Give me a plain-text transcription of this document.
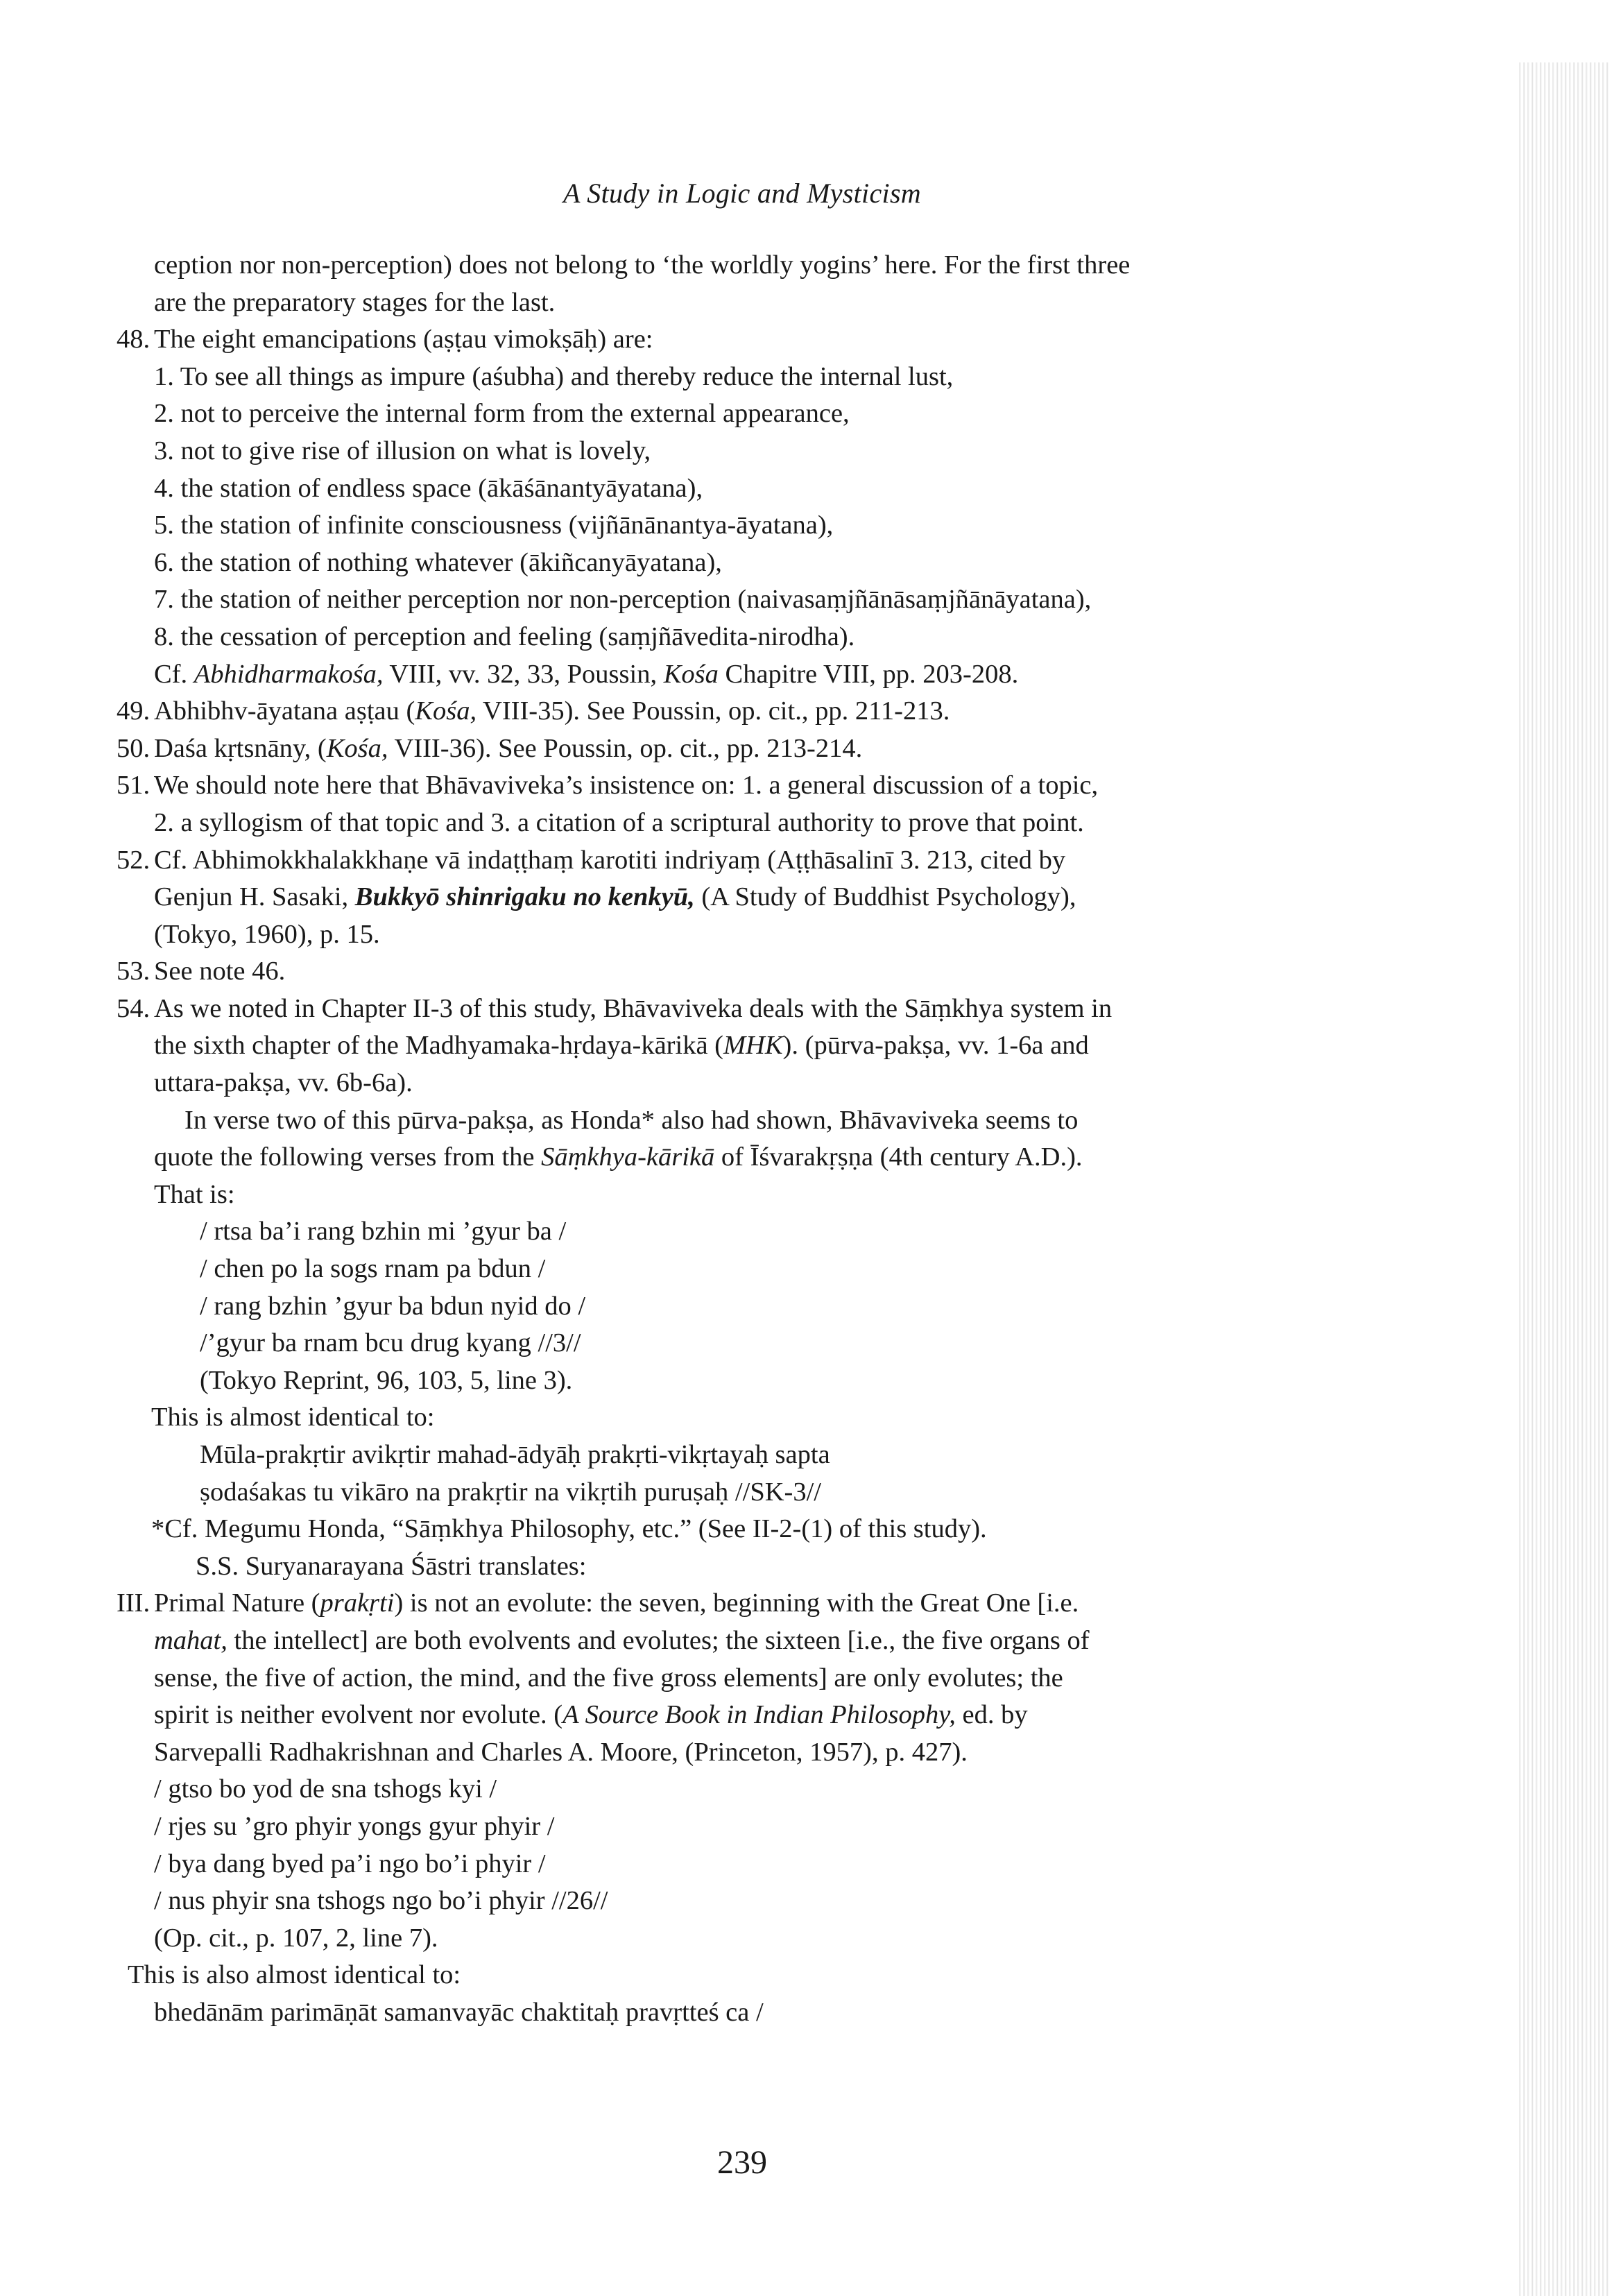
A Study in Logic and Mysticism
ception nor non-perception) does not belong to ‘the worldly yogins’ here. For the first three
are the preparatory stages for the last.
48. The eight emancipations (aṣṭau vimokṣāḥ) are:
1. To see all things as impure (aśubha) and thereby reduce the internal lust,
2. not to perceive the internal form from the external appearance,
3. not to give rise of illusion on what is lovely,
4. the station of endless space (ākāśānantyāyatana),
5. the station of infinite consciousness (vijñānānantya-āyatana),
6. the station of nothing whatever (ākiñcanyāyatana),
7. the station of neither perception nor non-perception (naivasaṃjñānāsaṃjñānāyatana),
8. the cessation of perception and feeling (saṃjñāvedita-nirodha).
Cf. Abhidharmakośa, VIII, vv. 32, 33, Poussin, Kośa Chapitre VIII, pp. 203-208.
49. Abhibhv-āyatana aṣṭau (Kośa, VIII-35). See Poussin, op. cit., pp. 211-213.
50. Daśa kṛtsnāny, (Kośa, VIII-36). See Poussin, op. cit., pp. 213-214.
51. We should note here that Bhāvaviveka’s insistence on: 1. a general discussion of a topic,
2. a syllogism of that topic and 3. a citation of a scriptural authority to prove that point.
52. Cf. Abhimokkhalakkhaṇe vā indaṭṭhaṃ karotiti indriyaṃ (Aṭṭhāsalinī 3. 213, cited by
Genjun H. Sasaki, Bukkyō shinrigaku no kenkyū, (A Study of Buddhist Psychology),
(Tokyo, 1960), p. 15.
53. See note 46.
54. As we noted in Chapter II-3 of this study, Bhāvaviveka deals with the Sāṃkhya system in
the sixth chapter of the Madhyamaka-hṛdaya-kārikā (MHK). (pūrva-pakṣa, vv. 1-6a and
uttara-pakṣa, vv. 6b-6a).
In verse two of this pūrva-pakṣa, as Honda* also had shown, Bhāvaviveka seems to
quote the following verses from the Sāṃkhya-kārikā of Īśvarakṛṣṇa (4th century A.D.).
That is:
/ rtsa ba’i rang bzhin mi ’gyur ba /
/ chen po la sogs rnam pa bdun /
/ rang bzhin ’gyur ba bdun nyid do /
/’gyur ba rnam bcu drug kyang //3//
(Tokyo Reprint, 96, 103, 5, line 3).
This is almost identical to:
Mūla-prakṛtir avikṛtir mahad-ādyāḥ prakṛti-vikṛtayaḥ sapta
ṣodaśakas tu vikāro na prakṛtir na vikṛtih puruṣaḥ //SK-3//
*Cf. Megumu Honda, “Sāṃkhya Philosophy, etc.” (See II-2-(1) of this study).
S.S. Suryanarayana Śāstri translates:
III. Primal Nature (prakṛti) is not an evolute: the seven, beginning with the Great One [i.e.
mahat, the intellect] are both evolvents and evolutes; the sixteen [i.e., the five organs of
sense, the five of action, the mind, and the five gross elements] are only evolutes; the
spirit is neither evolvent nor evolute. (A Source Book in Indian Philosophy, ed. by
Sarvepalli Radhakrishnan and Charles A. Moore, (Princeton, 1957), p. 427).
/ gtso bo yod de sna tshogs kyi /
/ rjes su ’gro phyir yongs gyur phyir /
/ bya dang byed pa’i ngo bo’i phyir /
/ nus phyir sna tshogs ngo bo’i phyir //26//
(Op. cit., p. 107, 2, line 7).
This is also almost identical to:
bhedānām parimāṇāt samanvayāc chaktitaḥ pravṛtteś ca /
239
